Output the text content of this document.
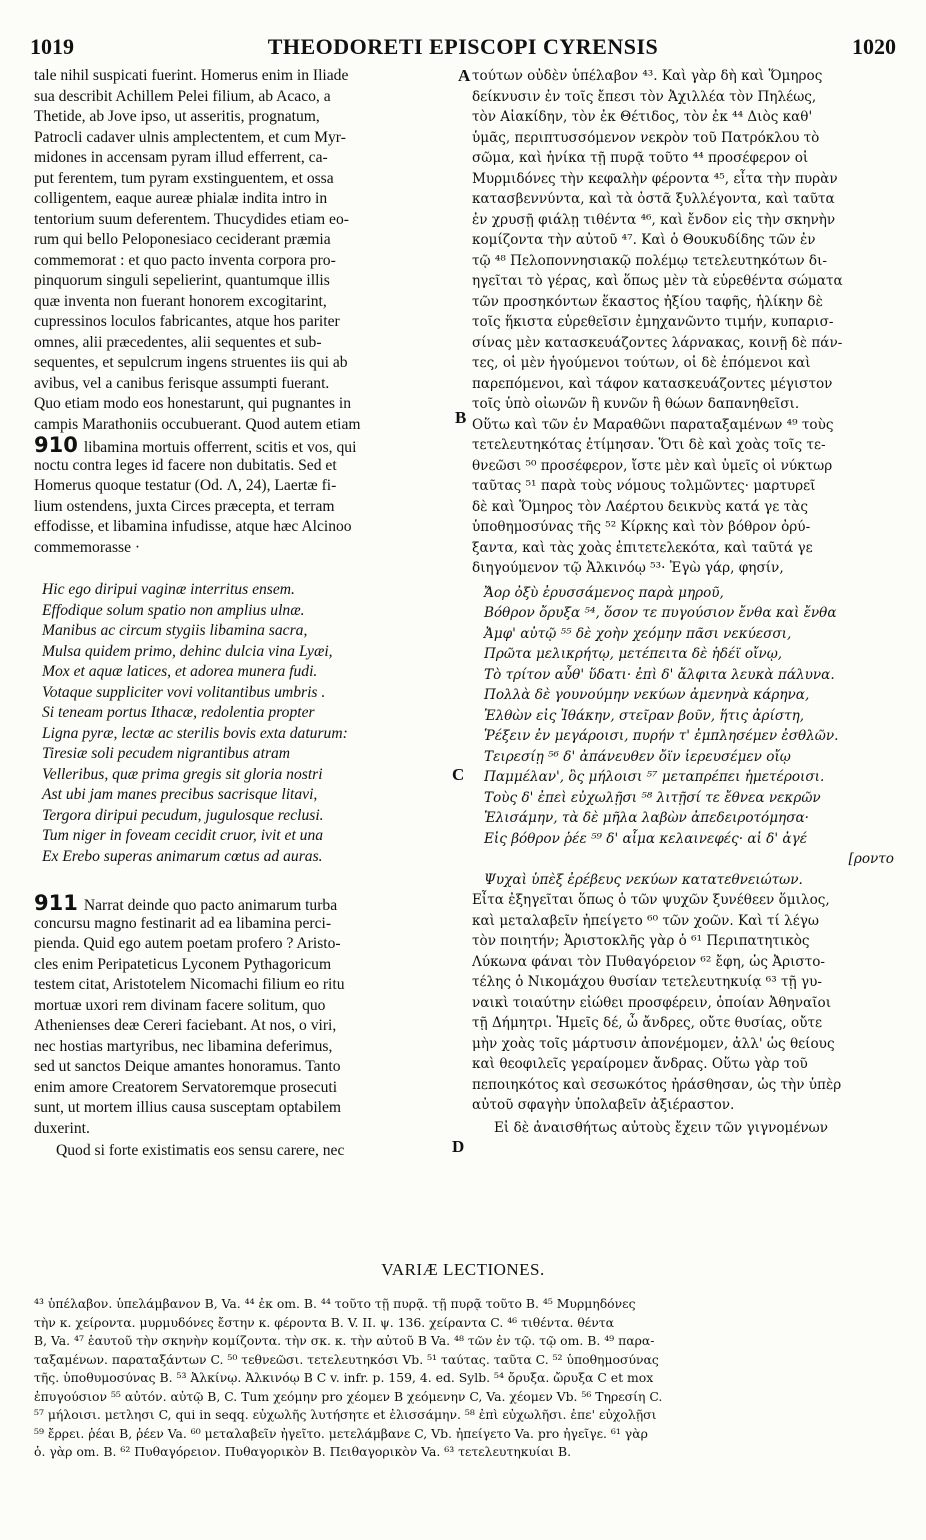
1019	THEODORETI EPISCOPI CYRENSIS	1020
tale nihil suspicati fuerint. Homerus enim in Iliade
sua describit Achillem Pelei filium, ab Acaco, a
Thetide, ab Jove ipso, ut asseritis, prognatum,
Patrocli cadaver ulnis amplectentem, et cum Myr-
midones in accensam pyram illud efferrent, ca-
put ferentem, tum pyram exstinguentem, et ossa
colligentem, eaque aureæ phialæ indita intro in
tentorium suum deferentem. Thucydides etiam eo-
rum qui bello Peloponesiaco ceciderant præmia
commemorat : et quo pacto inventa corpora pro-
pinquorum singuli sepelierint, quantumque illis
quæ inventa non fuerant honorem excogitarint,
cupressinos loculos fabricantes, atque hos pariter
omnes, alii præcedentes, alii sequentes et sub-
sequentes, et sepulcrum ingens struentes iis qui ab
avibus, vel a canibus ferisque assumpti fuerant.
Quo etiam modo eos honestarunt, qui pugnantes in
campis Marathoniis occubuerant. Quod autem etiam
910 libamina mortuis offerrent, scitis et vos, qui
noctu contra leges id facere non dubitatis. Sed et
Homerus quoque testatur (Od. Λ, 24), Laertæ fi-
lium ostendens, juxta Circes præcepta, et terram
effodisse, et libamina infudisse, atque hæc Alcinoo
commemorasse ·
Hic ego diripui vaginæ interritus ensem.
Effodique solum spatio non amplius ulnæ.
Manibus ac circum stygiis libamina sacra,
Mulsa quidem primo, dehinc dulcia vina Lyæi,
Mox et aquæ latices, et adorea munera fudi.
Votaque suppliciter vovi volitantibus umbris .
Si teneam portus Ithacæ, redolentia propter
Ligna pyræ, lectæ ac sterilis bovis exta daturum:
Tiresiæ soli pecudem nigrantibus atram
Velleribus, quæ prima gregis sit gloria nostri
Ast ubi jam manes precibus sacrisque litavi,
Tergora diripui pecudum, jugulosque reclusi.
Tum niger in foveam cecidit cruor, ivit et una
Ex Erebo superas animarum cœtus ad auras.
911 Narrat deinde quo pacto animarum turba
concursu magno festinarit ad ea libamina perci-
pienda. Quid ego autem poetam profero ? Aristo-
cles enim Peripateticus Lyconem Pythagoricum
testem citat, Aristotelem Nicomachi filium eo ritu
mortuæ uxori rem divinam facere solitum, quo
Athenienses deæ Cereri faciebant. At nos, o viri,
nec hostias martyribus, nec libamina deferimus,
sed ut sanctos Deique amantes honoramus. Tanto
enim amore Creatorem Servatoremque prosecuti
sunt, ut mortem illius causa susceptam optabilem
duxerint.
Quod si forte existimatis eos sensu carere, nec
τούτων οὐδὲν ὑπέλαβον ⁴³. Καὶ γὰρ δὴ καὶ Ὅμηρος
δείκνυσιν ἐν τοῖς ἔπεσι τὸν Ἀχιλλέα τὸν Πηλέως,
τὸν Αἰακίδην, τὸν ἐκ Θέτιδος, τὸν ἐκ ⁴⁴ Διὸς καθ'
ὑμᾶς, περιπτυσσόμενον νεκρὸν τοῦ Πατρόκλου τὸ
σῶμα, καὶ ἡνίκα τῇ πυρᾷ τοῦτο ⁴⁴ προσέφερον οἱ
Μυρμιδόνες τὴν κεφαλὴν φέροντα ⁴⁵, εἶτα τὴν πυρὰν
κατασβεννύντα, καὶ τὰ ὀστᾶ ξυλλέγοντα, καὶ ταῦτα
ἐν χρυσῇ φιάλῃ τιθέντα ⁴⁶, καὶ ἔνδον εἰς τὴν σκηνὴν
κομίζοντα τὴν αὐτοῦ ⁴⁷. Καὶ ὁ Θουκυδίδης τῶν ἐν
τῷ ⁴⁸ Πελοποννησιακῷ πολέμῳ τετελευτηκότων δι-
ηγεῖται τὸ γέρας, καὶ ὅπως μὲν τὰ εὑρεθέντα σώματα
τῶν προσηκόντων ἕκαστος ἠξίου ταφῆς, ἡλίκην δὲ
τοῖς ἥκιστα εὑρεθεῖσιν ἐμηχανῶντο τιμήν, κυπαρισ-
σίνας μὲν κατασκευάζοντες λάρνακας, κοινῇ δὲ πάν-
τες, οἱ μὲν ἡγούμενοι τούτων, οἱ δὲ ἑπόμενοι καὶ
παρεπόμενοι, καὶ τάφον κατασκευάζοντες μέγιστον
τοῖς ὑπὸ οἰωνῶν ἢ κυνῶν ἢ θώων δαπανηθεῖσι.
Οὕτω καὶ τῶν ἐν Μαραθῶνι παραταξαμένων ⁴⁹ τοὺς
τετελευτηκότας ἐτίμησαν. Ὅτι δὲ καὶ χοὰς τοῖς τε-
θνεῶσι ⁵⁰ προσέφερον, ἴστε μὲν καὶ ὑμεῖς οἱ νύκτωρ
ταῦτας ⁵¹ παρὰ τοὺς νόμους τολμῶντες· μαρτυρεῖ
δὲ καὶ Ὅμηρος τὸν Λαέρτου δεικνὺς κατά γε τὰς
ὑποθημοσύνας τῆς ⁵² Κίρκης καὶ τὸν βόθρον ὀρύ-
ξαντα, καὶ τὰς χοὰς ἐπιτετελεκότα, καὶ ταῦτά γε
διηγούμενον τῷ Ἀλκινόῳ ⁵³· Ἐγὼ γάρ, φησίν,
Ἄορ ὀξὺ ἐρυσσάμενος παρὰ μηροῦ,
Βόθρον ὄρυξα ⁵⁴, ὅσον τε πυγούσιον ἔνθα καὶ ἔνθα
Ἀμφ' αὐτῷ ⁵⁵ δὲ χοὴν χεόμην πᾶσι νεκύεσσι,
Πρῶτα μελικρήτῳ, μετέπειτα δὲ ἡδέϊ οἴνῳ,
Τὸ τρίτον αὖθ' ὕδατι· ἐπὶ δ' ἄλφιτα λευκὰ πάλυνα.
Πολλὰ δὲ γουνούμην νεκύων ἀμενηνὰ κάρηνα,
Ἐλθὼν εἰς Ἰθάκην, στεῖραν βοῦν, ἥτις ἀρίστη,
Ῥέξειν ἐν μεγάροισι, πυρήν τ' ἐμπλησέμεν ἐσθλῶν.
Τειρεσίῃ ⁵⁶ δ' ἀπάνευθεν ὄϊν ἱερευσέμεν οἴῳ
Παμμέλαν', ὃς μήλοισι ⁵⁷ μεταπρέπει ἡμετέροισι.
Τοὺς δ' ἐπεὶ εὐχωλῇσι ⁵⁸ λιτῇσί τε ἔθνεα νεκρῶν
Ἐλισάμην, τὰ δὲ μῆλα λαβὼν ἀπεδειροτόμησα·
Εἰς βόθρον ῥέε ⁵⁹ δ' αἷμα κελαινεφές· αἱ δ' ἀγέ
[ροντο
Ψυχαὶ ὑπὲξ ἐρέβευς νεκύων κατατεθνειώτων.
Εἶτα ἐξηγεῖται ὅπως ὁ τῶν ψυχῶν ξυνέθεεν ὅμιλος,
καὶ μεταλαβεῖν ἠπείγετο ⁶⁰ τῶν χοῶν. Καὶ τί λέγω
τὸν ποιητήν; Ἀριστοκλῆς γὰρ ὁ ⁶¹ Περιπατητικὸς
Λύκωνα φάναι τὸν Πυθαγόρειον ⁶² ἔφη, ὡς Ἀριστο-
τέλης ὁ Νικομάχου θυσίαν τετελευτηκυίᾳ ⁶³ τῇ γυ-
ναικὶ τοιαύτην εἰώθει προσφέρειν, ὁποίαν Ἀθηναῖοι
τῇ Δήμητρι. Ἡμεῖς δέ, ὦ ἄνδρες, οὔτε θυσίας, οὔτε
μὴν χοὰς τοῖς μάρτυσιν ἀπονέμομεν, ἀλλ' ὡς θείους
καὶ θεοφιλεῖς γεραίρομεν ἄνδρας. Οὕτω γὰρ τοῦ
πεποιηκότος καὶ σεσωκότος ἠράσθησαν, ὡς τὴν ὑπὲρ
αὐτοῦ σφαγὴν ὑπολαβεῖν ἀξιέραστον.
Εἰ δὲ ἀναισθήτως αὐτοὺς ἔχειν τῶν γιγνομένων
A
B
C
D
VARIÆ LECTIONES.
⁴³ ὑπέλαβον. ὑπελάμβανον B, Va. ⁴⁴ ἐκ om. B. ⁴⁴ τοῦτο τῇ πυρᾷ. τῇ πυρᾷ τοῦτο B. ⁴⁵ Μυρμηδόνες
τὴν κ. χείροντα. μυρμυδόνες ἔστην κ. φέροντα B. V. II. ψ. 136. χείραντα C. ⁴⁶ τιθέντα. θέντα
B, Va. ⁴⁷ ἑαυτοῦ τὴν σκηνὴν κομίζοντα. τὴν σκ. κ. τὴν αὐτοῦ B Va. ⁴⁸ τῶν ἐν τῷ. τῷ om. B. ⁴⁹ παρα-
ταξαμένων. παραταξάντων C. ⁵⁰ τεθνεῶσι. τετελευτηκόσι Vb. ⁵¹ ταύτας. ταῦτα C. ⁵² ὑποθημοσύνας
τῆς. ὑποθυμοσύνας B. ⁵³ Ἀλκίνῳ. Ἀλκινόῳ B C v. infr. p. 159, 4. ed. Sylb. ⁵⁴ ὄρυξα. ὤρυξα C et mox
ἐπυγούσιον ⁵⁵ αὐτόν. αὐτῷ B, C. Tum χεόμην pro χέομεν B χεόμενην C, Va. χέομεν Vb. ⁵⁶ Τηρεσίη C.
⁵⁷ μήλοισι. μετλησι C, qui in seqq. εὐχωλῆς λυτήσητε et ἐλισσάμην. ⁵⁸ ἐπὶ εὐχωλῆσι. ἐπε' εὐχολῇσι
⁵⁹ ἔρρει. ῥέαι B, ῥέεν Va. ⁶⁰ μεταλαβεῖν ἠγεῖτο. μετελάμβανε C, Vb. ἠπείγετο Va. pro ἠγεῖγε. ⁶¹ γὰρ
ὁ. γὰρ om. B. ⁶² Πυθαγόρειον. Πυθαγορικὸν B. Πειθαγορικὸν Va. ⁶³ τετελευτηκυίαι B.
